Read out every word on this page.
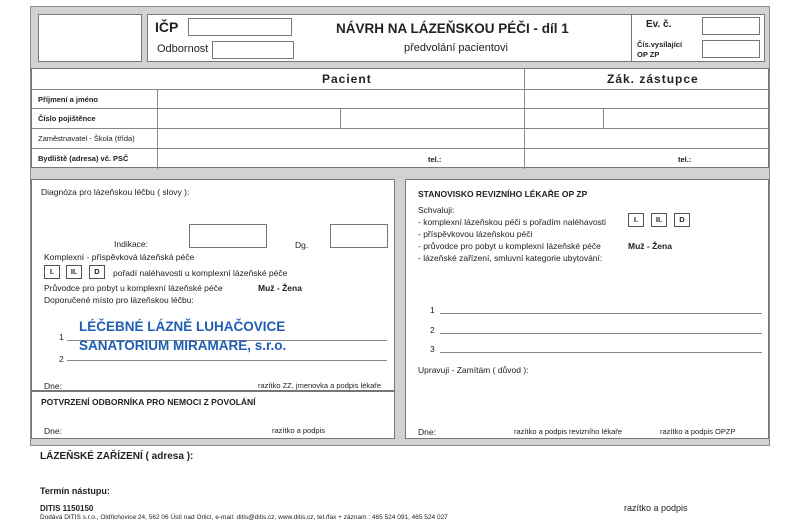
IČP
Odbornost
NÁVRH NA LÁZEŇSKOU PÉČI - díl 1
předvolání pacientovi
Ev. č.
Čís.vysílající
OP ZP
Pacient	Zák. zástupce
Příjmení a jméno
Číslo pojištěnce
Zaměstnavatel - Škola (třída)
Bydliště (adresa) vč. PSČ	tel.:	tel.:
Diagnóza pro lázeňskou léčbu ( slovy ):
Indikace:	Dg.
Komplexní - příspěvková lázeňská péče
I.	II.	D	pořadí naléhavosti u komplexní lázeňské péče
Průvodce pro pobyt u komplexní lázeňské péče	Muž - Žena
Doporučené místo pro lázeňskou léčbu:
1
2
LÉČEBNÉ LÁZNĚ LUHAČOVICE
SANATORIUM MIRAMARE, s.r.o.
Dne:	razítko ZZ, jmenovka a podpis lékaře
POTVRZENÍ ODBORNÍKA PRO NEMOCI Z POVOLÁNÍ
Dne:	razítko a podpis
STANOVISKO REVIZNÍHO LÉKAŘE OP ZP
Schvaluji:
- komplexní lázeňskou péči s pořadím naléhavosti	I.	II.	D
- příspěvkovou lázeňskou péči
- průvodce pro pobyt u komplexní lázeňské péče	Muž - Žena
- lázeňské zařízení, smluvní kategorie ubytování:
1
2
3
Upravuji - Zamítám ( důvod ):
Dne:	razítko a podpis revizního lékaře	razítko a podpis OPZP
LÁZEŇSKÉ ZAŘÍZENÍ ( adresa ):
Termín nástupu:
razítko a podpis
DITIS 1150150
Dodává DITIS s.r.o., Oldřichovice 24, 562 06 Ústí nad Orlicí, e-mail: ditis@ditis.cz, www.ditis.cz, tel./fax + záznam : 465 524 091, 465 524 027
